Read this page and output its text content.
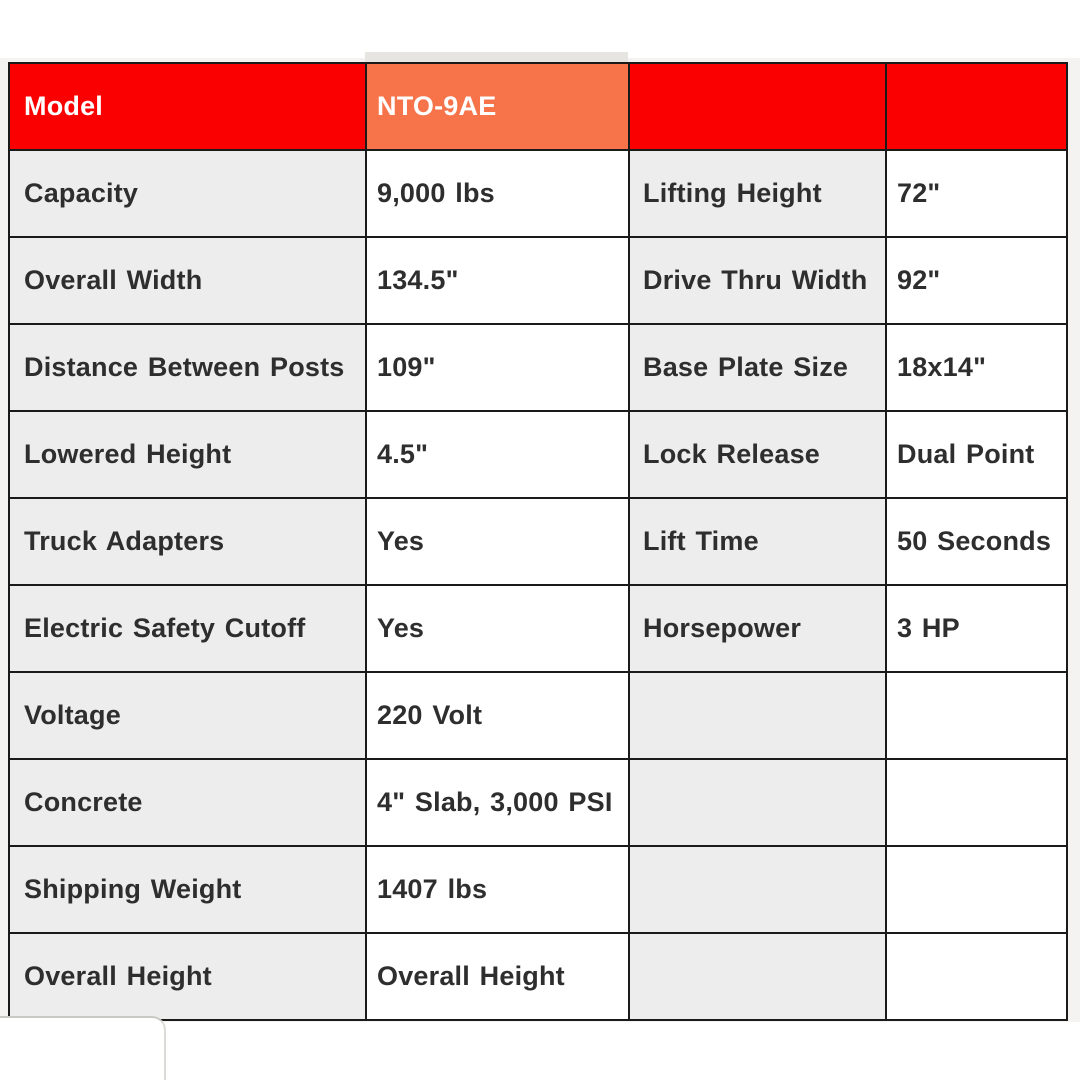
Model	NTO-9AE		
Capacity	9,000 lbs	Lifting Height	72"
Overall Width	134.5"	Drive Thru Width	92"
Distance Between Posts	109"	Base Plate Size	18x14"
Lowered Height	4.5"	Lock Release	Dual Point
Truck Adapters	Yes	Lift Time	50 Seconds
Electric Safety Cutoff	Yes	Horsepower	3 HP
Voltage	220 Volt		
Concrete	4" Slab, 3,000 PSI		
Shipping Weight	1407 lbs		
Overall Height	Overall Height		
